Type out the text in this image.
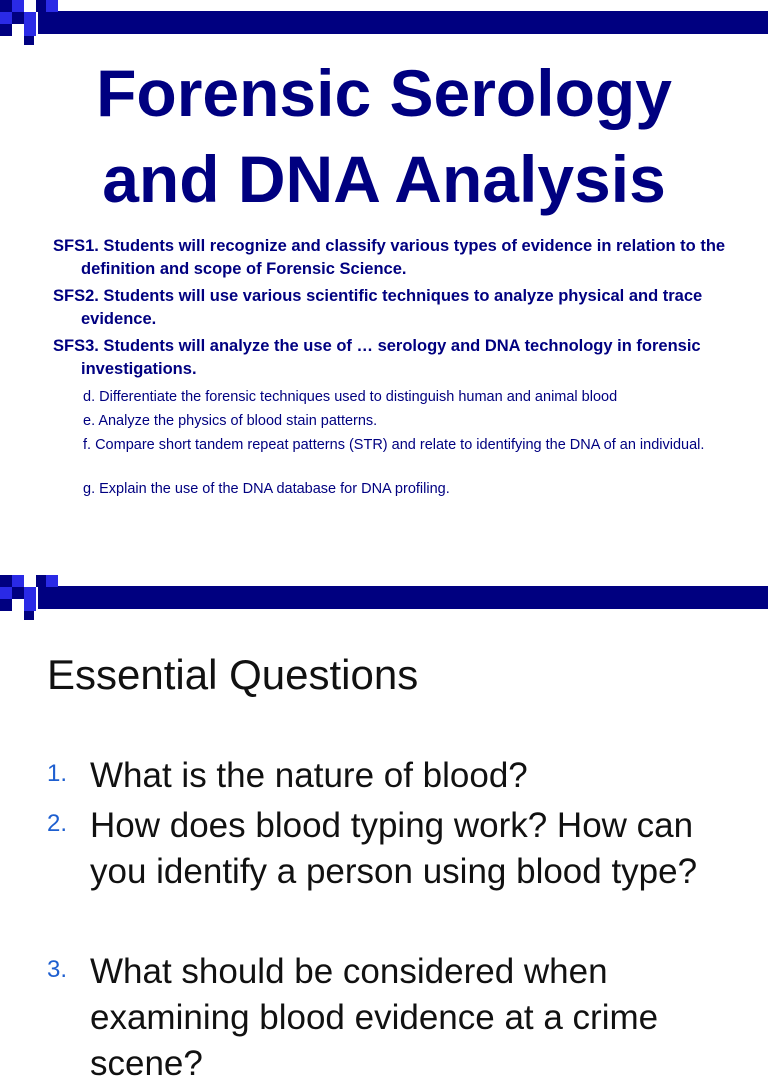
Forensic Serology
and DNA Analysis

SFS1. Students will recognize and classify various types of evidence in relation to the definition and scope of Forensic Science.

SFS2. Students will use various scientific techniques to analyze physical and trace evidence.

SFS3. Students will analyze the use of … serology and DNA technology in forensic investigations.

d. Differentiate the forensic techniques used to distinguish human and animal blood

e. Analyze the physics of blood stain patterns.

f. Compare short tandem repeat patterns (STR) and relate to identifying the DNA of an individual.

g. Explain the use of the DNA database for DNA profiling.

Essential Questions
1. What is the nature of blood?
2. How does blood typing work? How can you identify a person using blood type?
3. What should be considered when examining blood evidence at a crime scene?
